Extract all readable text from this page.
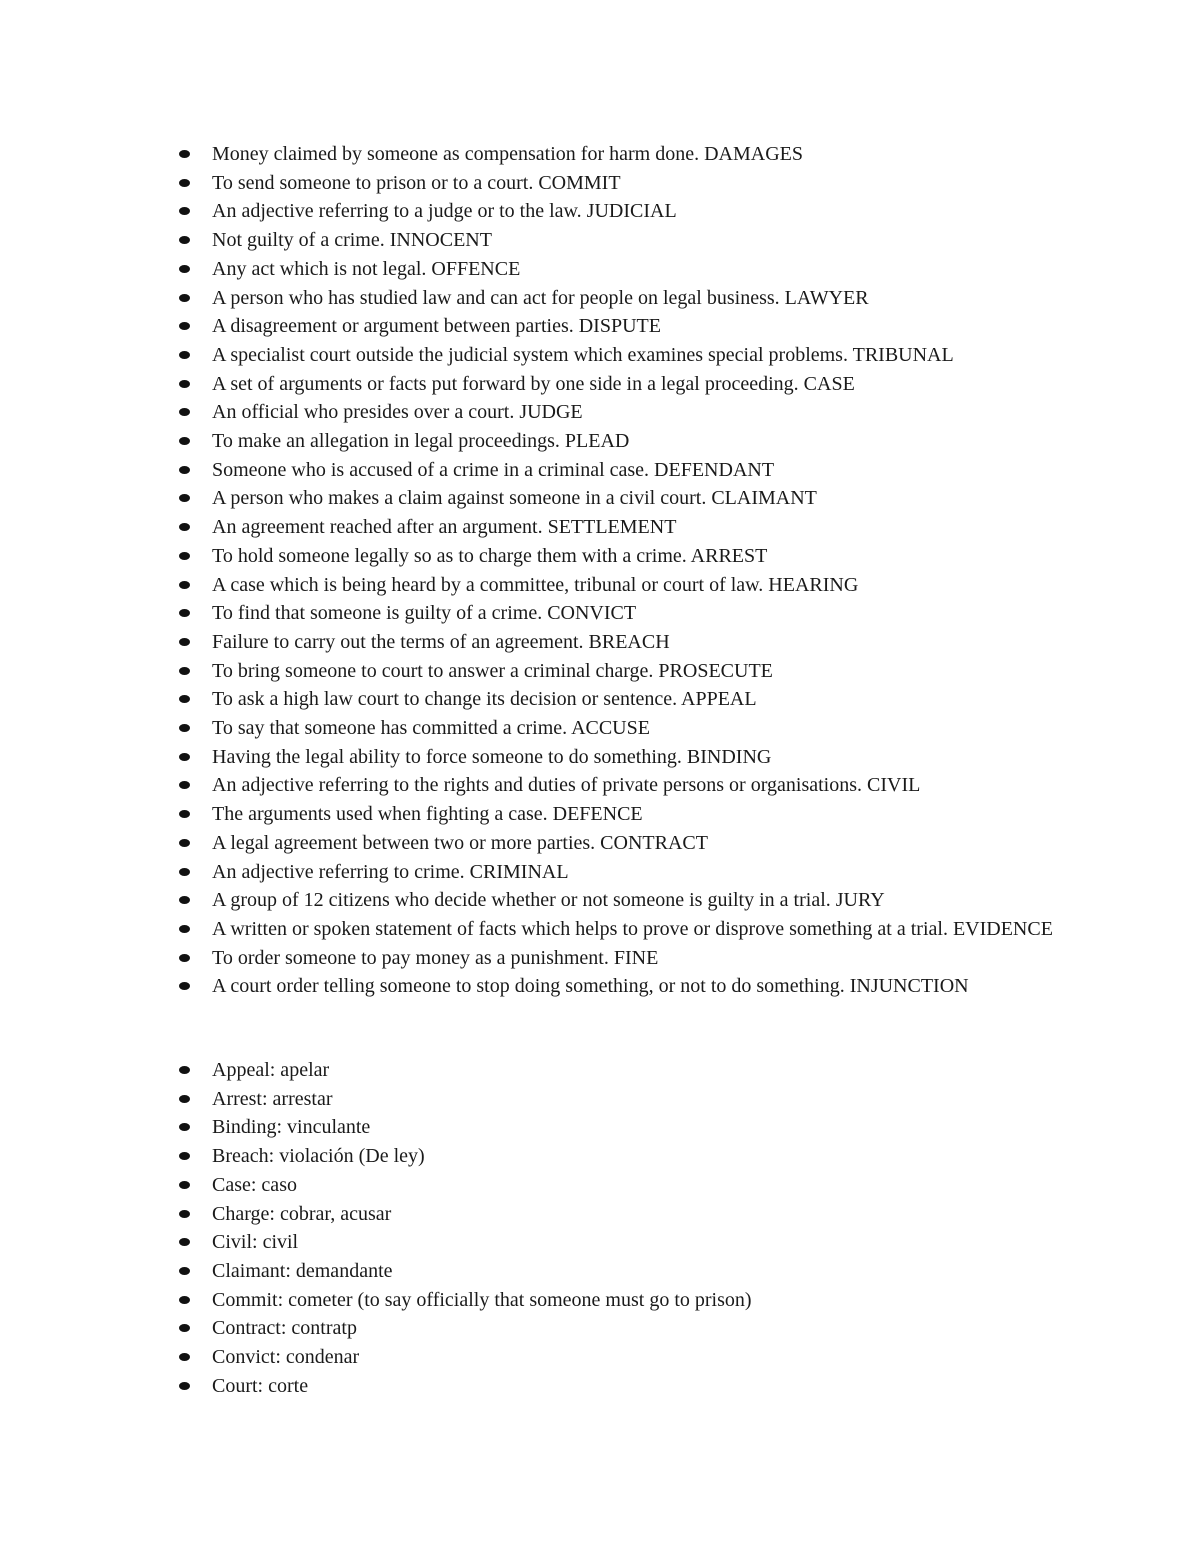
Money claimed by someone as compensation for harm done. DAMAGES
To send someone to prison or to a court. COMMIT
An adjective referring to a judge or to the law. JUDICIAL
Not guilty of a crime. INNOCENT
Any act which is not legal. OFFENCE
A person who has studied law and can act for people on legal business. LAWYER
A disagreement or argument between parties. DISPUTE
A specialist court outside the judicial system which examines special problems. TRIBUNAL
A set of arguments or facts put forward by one side in a legal proceeding. CASE
An official who presides over a court. JUDGE
To make an allegation in legal proceedings. PLEAD
Someone who is accused of a crime in a criminal case. DEFENDANT
A person who makes a claim against someone in a civil court. CLAIMANT
An agreement reached after an argument. SETTLEMENT
To hold someone legally so as to charge them with a crime. ARREST
A case which is being heard by a committee, tribunal or court of law. HEARING
To find that someone is guilty of a crime. CONVICT
Failure to carry out the terms of an agreement. BREACH
To bring someone to court to answer a criminal charge. PROSECUTE
To ask a high law court to change its decision or sentence. APPEAL
To say that someone has committed a crime. ACCUSE
Having the legal ability to force someone to do something. BINDING
An adjective referring to the rights and duties of private persons or organisations. CIVIL
The arguments used when fighting a case. DEFENCE
A legal agreement between two or more parties. CONTRACT
An adjective referring to crime. CRIMINAL
A group of 12 citizens who decide whether or not someone is guilty in a trial. JURY
A written or spoken statement of facts which helps to prove or disprove something at a trial. EVIDENCE
To order someone to pay money as a punishment. FINE
A court order telling someone to stop doing something, or not to do something. INJUNCTION
Appeal: apelar
Arrest: arrestar
Binding: vinculante
Breach: violación (De ley)
Case: caso
Charge: cobrar, acusar
Civil: civil
Claimant: demandante
Commit: cometer (to say officially that someone must go to prison)
Contract: contratp
Convict: condenar
Court: corte
